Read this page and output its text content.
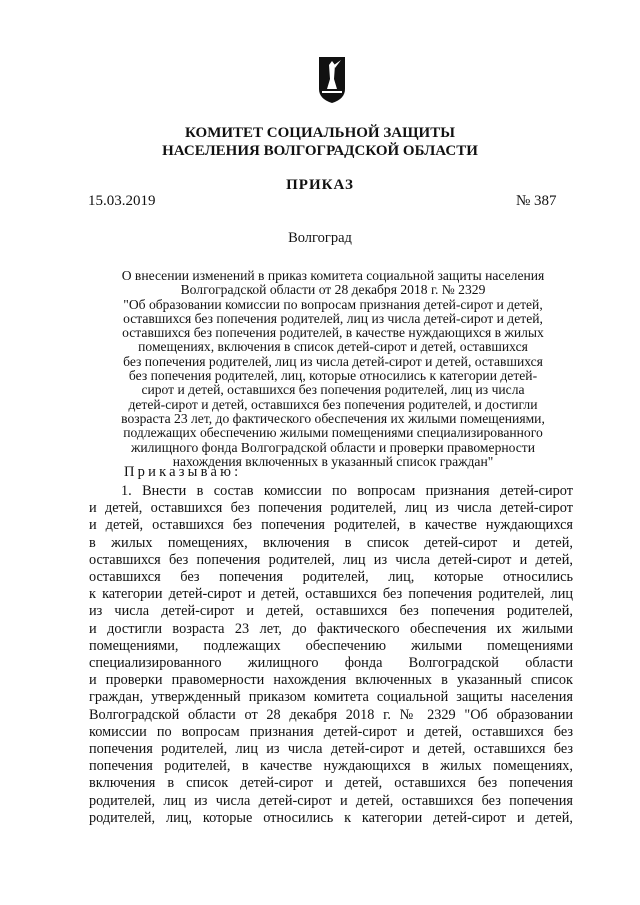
КОМИТЕТ СОЦИАЛЬНОЙ ЗАЩИТЫ
НАСЕЛЕНИЯ ВОЛГОГРАДСКОЙ ОБЛАСТИ
ПРИКАЗ
15.03.2019	№ 387
Волгоград
О внесении изменений в приказ комитета социальной защиты населения
Волгоградской области от 28 декабря 2018 г. № 2329
"Об образовании комиссии по вопросам признания детей-сирот и детей,
оставшихся без попечения родителей, лиц из числа детей-сирот и детей,
оставшихся без попечения родителей, в качестве нуждающихся в жилых
помещениях, включения в список детей-сирот и детей, оставшихся
без попечения родителей, лиц из числа детей-сирот и детей, оставшихся
без попечения родителей, лиц, которые относились к категории детей-
сирот и детей, оставшихся без попечения родителей, лиц из числа
детей-сирот и детей, оставшихся без попечения родителей, и достигли
возраста 23 лет, до фактического обеспечения их жилыми помещениями,
подлежащих обеспечению жилыми помещениями специализированного
жилищного фонда Волгоградской области и проверки правомерности
нахождения включенных в указанный список граждан"
Приказываю:
1. Внести в состав комиссии по вопросам признания детей-сирот
и детей, оставшихся без попечения родителей, лиц из числа детей-сирот
и детей, оставшихся без попечения родителей, в качестве нуждающихся
в жилых помещениях, включения в список детей-сирот и детей,
оставшихся без попечения родителей, лиц из числа детей-сирот и детей,
оставшихся без попечения родителей, лиц, которые относились
к категории детей-сирот и детей, оставшихся без попечения родителей, лиц
из числа детей-сирот и детей, оставшихся без попечения родителей,
и достигли возраста 23 лет, до фактического обеспечения их жилыми
помещениями, подлежащих обеспечению жилыми помещениями
специализированного жилищного фонда Волгоградской области
и проверки правомерности нахождения включенных в указанный список
граждан, утвержденный приказом комитета социальной защиты населения
Волгоградской области от 28 декабря 2018 г. № 2329 "Об образовании
комиссии по вопросам признания детей-сирот и детей, оставшихся без
попечения родителей, лиц из числа детей-сирот и детей, оставшихся без
попечения родителей, в качестве нуждающихся в жилых помещениях,
включения в список детей-сирот и детей, оставшихся без попечения
родителей, лиц из числа детей-сирот и детей, оставшихся без попечения
родителей, лиц, которые относились к категории детей-сирот и детей,
